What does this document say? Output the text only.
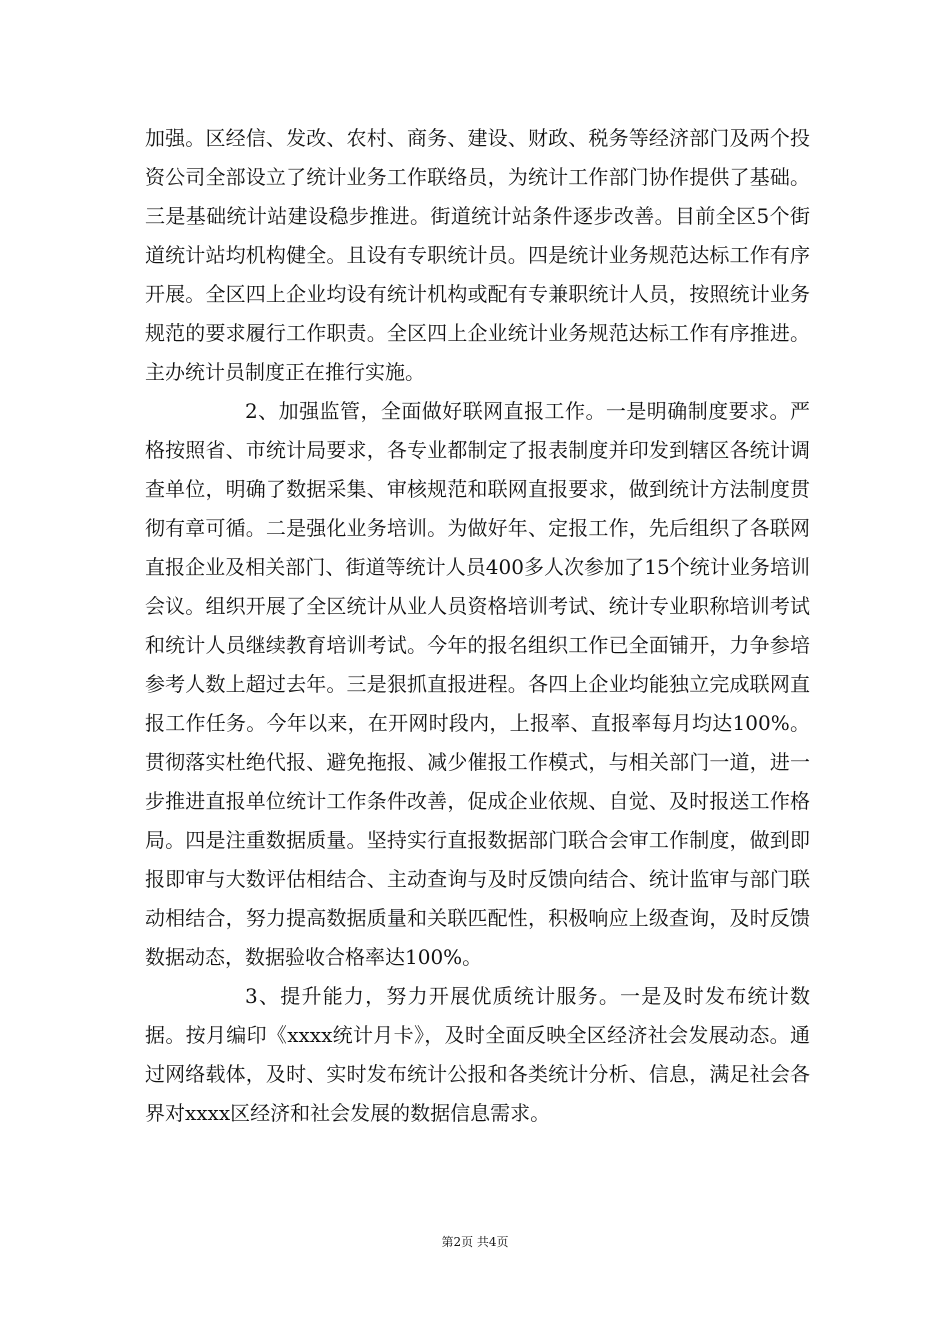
加强。区经信、发改、农村、商务、建设、财政、税务等经济部门及两个投资公司全部设立了统计业务工作联络员，为统计工作部门协作提供了基础。三是基础统计站建设稳步推进。街道统计站条件逐步改善。目前全区5个街道统计站均机构健全。且设有专职统计员。四是统计业务规范达标工作有序开展。全区四上企业均设有统计机构或配有专兼职统计人员，按照统计业务规范的要求履行工作职责。全区四上企业统计业务规范达标工作有序推进。主办统计员制度正在推行实施。

2、加强监管，全面做好联网直报工作。一是明确制度要求。严格按照省、市统计局要求，各专业都制定了报表制度并印发到辖区各统计调查单位，明确了数据采集、审核规范和联网直报要求，做到统计方法制度贯彻有章可循。二是强化业务培训。为做好年、定报工作，先后组织了各联网直报企业及相关部门、街道等统计人员400多人次参加了15个统计业务培训会议。组织开展了全区统计从业人员资格培训考试、统计专业职称培训考试和统计人员继续教育培训考试。今年的报名组织工作已全面铺开，力争参培参考人数上超过去年。三是狠抓直报进程。各四上企业均能独立完成联网直报工作任务。今年以来，在开网时段内，上报率、直报率每月均达100%。贯彻落实杜绝代报、避免拖报、减少催报工作模式，与相关部门一道，进一步推进直报单位统计工作条件改善，促成企业依规、自觉、及时报送工作格局。四是注重数据质量。坚持实行直报数据部门联合会审工作制度，做到即报即审与大数评估相结合、主动查询与及时反馈向结合、统计监审与部门联动相结合，努力提高数据质量和关联匹配性，积极响应上级查询，及时反馈数据动态，数据验收合格率达100%。

3、提升能力，努力开展优质统计服务。一是及时发布统计数据。按月编印《xxxx统计月卡》，及时全面反映全区经济社会发展动态。通过网络载体，及时、实时发布统计公报和各类统计分析、信息，满足社会各界对xxxx区经济和社会发展的数据信息需求。

第2页 共4页
